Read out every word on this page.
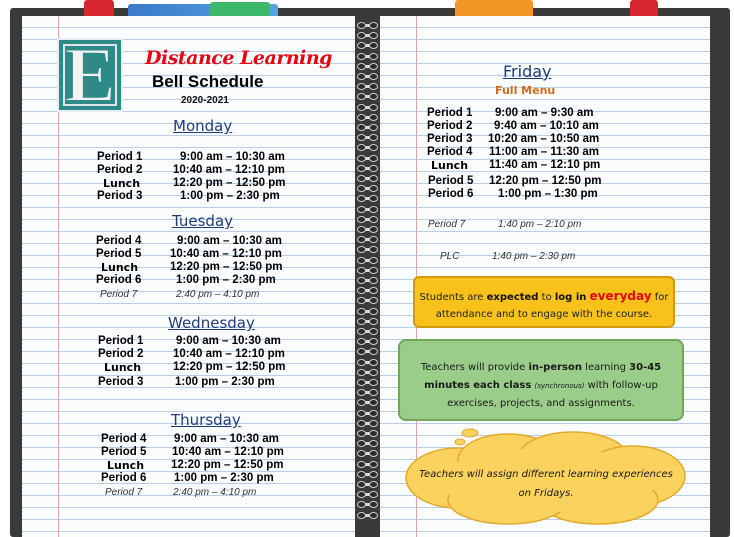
E Distance Learning
Bell Schedule
2020-2021
Monday
Tuesday
Wednesday
Thursday
Friday
Full Menu
Period 1	9:00 am – 10:30 am
Period 2	10:40 am – 12:10 pm
Lunch	12:20 pm – 12:50 pm
Period 3	1:00 pm – 2:30 pm
Period 4	9:00 am – 10:30 am
Period 5 10:40 am – 12:10 pm
Lunch	12:20 pm – 12:50 pm
Period 6	1:00 pm – 2:30 pm
Period 7	2:40 pm – 4:10 pm
Period 1	9:00 am – 10:30 am
Period 2	10:40 am – 12:10 pm
Lunch	12:20 pm – 12:50 pm
Period 3	1:00 pm – 2:30 pm
Period 4 9:00 am – 10:30 am
Period 5 10:40 am – 12:10 pm
Lunch 12:20 pm – 12:50 pm
Period 6 1:00 pm – 2:30 pm
Period 7	2:40 pm – 4:10 pm
Period 1 9:00 am – 9:30 am
Period 2 9:40 am – 10:10 am
Period 3 10:20 am – 10:50 am
Period 4 11:00 am – 11:30 am
Lunch 11:40 am – 12:10 pm
Period 5 12:20 pm – 12:50 pm
Period 6 1:00 pm – 1:30 pm
Period 7	1:40 pm – 2:10 pm
PLC	1:40 pm – 2:30 pm
Students are expected to log in everyday for attendance and to engage with the course.
Teachers will provide in-person learning 30-45 minutes each class (synchronous) with follow-up exercises, projects, and assignments.
Teachers will assign different learning experiences on Fridays.
